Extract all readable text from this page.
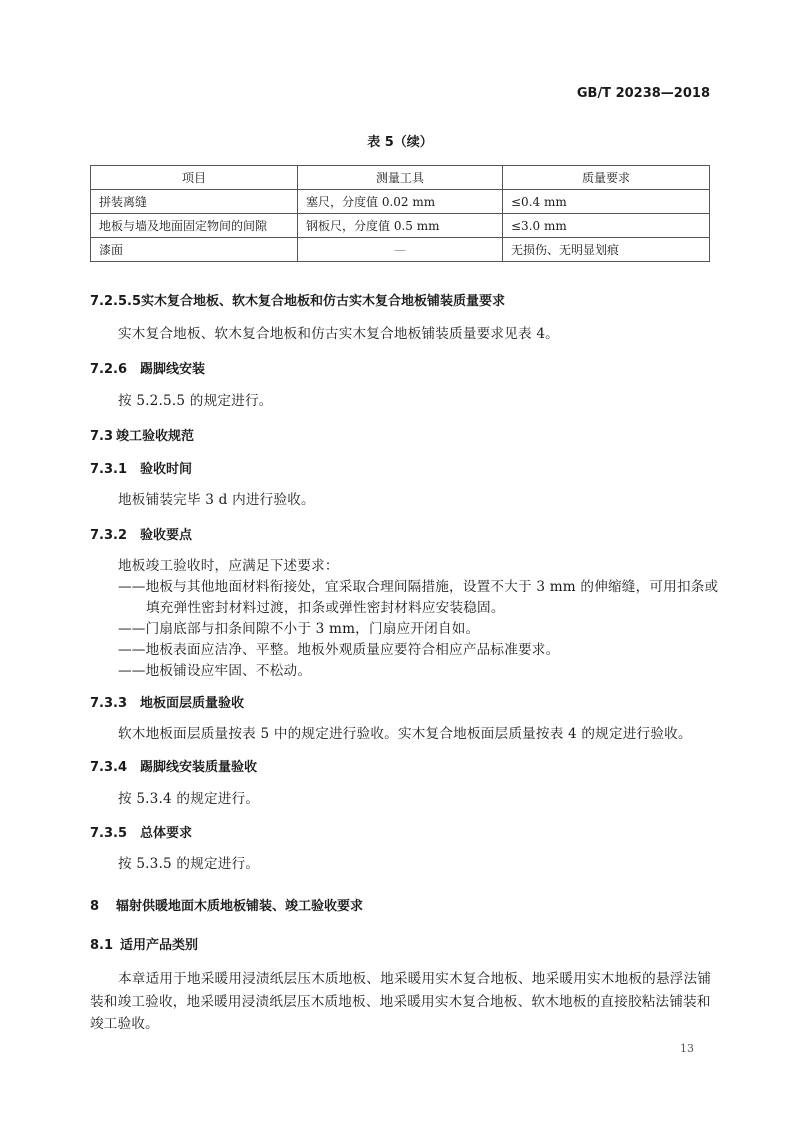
GB/T 20238—2018
表 5（续）
项目	测量工具	质量要求
拼装离缝	塞尺，分度值 0.02 mm	≤0.4 mm
地板与墙及地面固定物间的间隙	钢板尺，分度值 0.5 mm	≤3.0 mm
漆面	—	无损伤、无明显划痕
7.2.5.5实木复合地板、软木复合地板和仿古实木复合地板铺装质量要求
实木复合地板、软木复合地板和仿古实木复合地板铺装质量要求见表 4。
7.2.6 踢脚线安装
按 5.2.5.5 的规定进行。
7.3 竣工验收规范
7.3.1 验收时间
地板铺装完毕 3 d 内进行验收。
7.3.2 验收要点
地板竣工验收时，应满足下述要求：
——地板与其他地面材料衔接处，宜采取合理间隔措施，设置不大于 3 mm 的伸缩缝，可用扣条或
填充弹性密封材料过渡，扣条或弹性密封材料应安装稳固。
——门扇底部与扣条间隙不小于 3 mm，门扇应开闭自如。
——地板表面应洁净、平整。地板外观质量应要符合相应产品标准要求。
——地板铺设应牢固、不松动。
7.3.3 地板面层质量验收
软木地板面层质量按表 5 中的规定进行验收。实木复合地板面层质量按表 4 的规定进行验收。
7.3.4 踢脚线安装质量验收
按 5.3.4 的规定进行。
7.3.5 总体要求
按 5.3.5 的规定进行。
8 辐射供暖地面木质地板铺装、竣工验收要求
8.1 适用产品类别
本章适用于地采暖用浸渍纸层压木质地板、地采暖用实木复合地板、地采暖用实木地板的悬浮法铺
装和竣工验收，地采暖用浸渍纸层压木质地板、地采暖用实木复合地板、软木地板的直接胶粘法铺装和
竣工验收。
13
